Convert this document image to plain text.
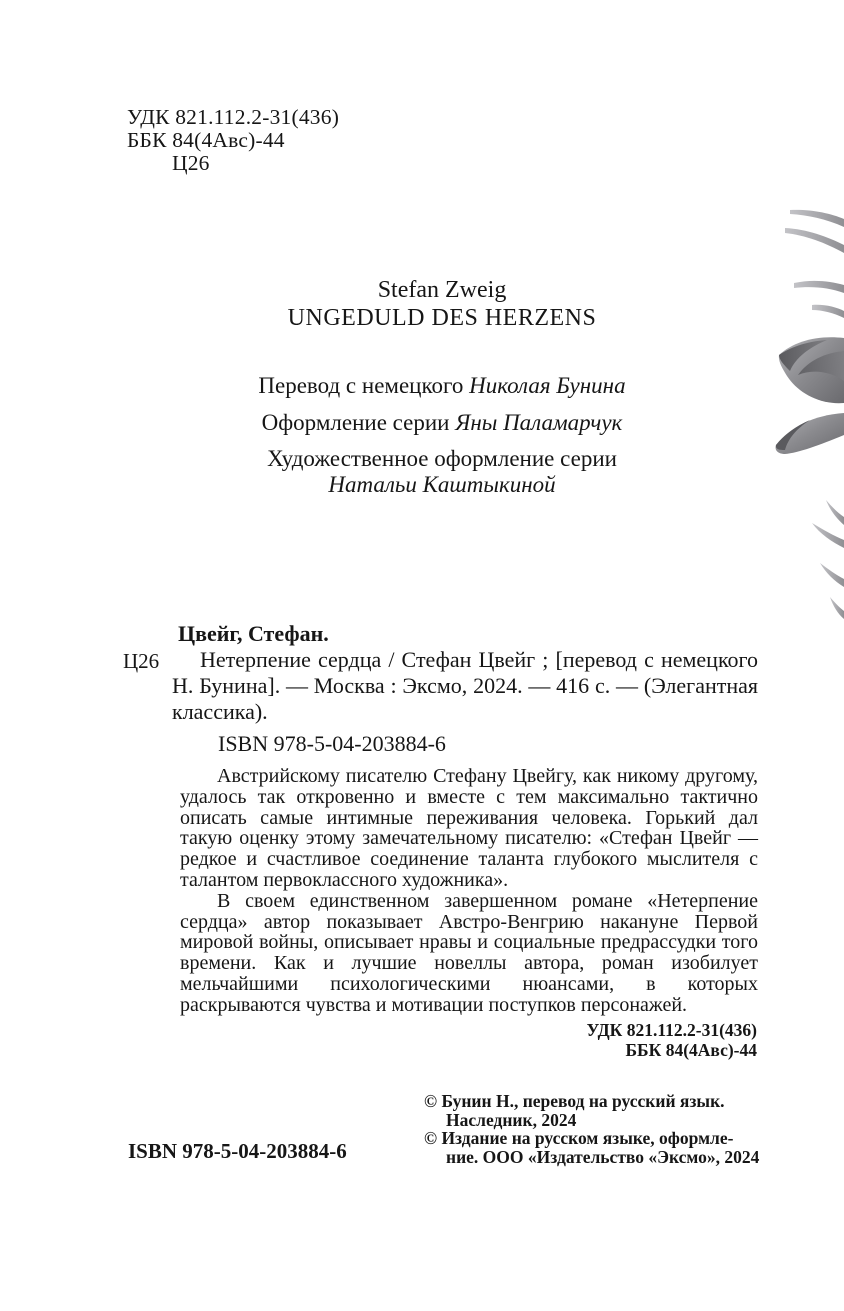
УДК 821.112.2-31(436)
ББК 84(4Авс)-44
Ц26
Stefan Zweig
UNGEDULD DES HERZENS
Перевод с немецкого Николая Бунина
Оформление серии Яны Паламарчук
Художественное оформление серии
Натальи Каштыкиной
Ц26
Цвейг, Стефан.

Нетерпение сердца / Стефан Цвейг ; [перевод с немецкого Н. Бунина]. — Москва : Эксмо, 2024. — 416 с. — (Элегантная классика).

ISBN 978-5-04-203884-6

Австрийскому писателю Стефану Цвейгу, как никому другому, удалось так откровенно и вместе с тем максимально тактично описать самые интимные переживания человека. Горький дал такую оценку этому замечательному писателю: «Стефан Цвейг — редкое и счастливое соединение таланта глубокого мыслителя с талантом первоклассного художника».

В своем единственном завершенном романе «Нетерпение сердца» автор показывает Австро-Венгрию накануне Первой мировой войны, описывает нравы и социальные предрассудки того времени. Как и лучшие новеллы автора, роман изобилует мельчайшими психологическими нюансами, в которых раскрываются чувства и мотивации поступков персонажей.

УДК 821.112.2-31(436)
ББК 84(4Авс)-44
© Бунин Н., перевод на русский язык.
Наследник, 2024
© Издание на русском языке, оформле-
ние. ООО «Издательство «Эксмо», 2024
ISBN 978-5-04-203884-6
